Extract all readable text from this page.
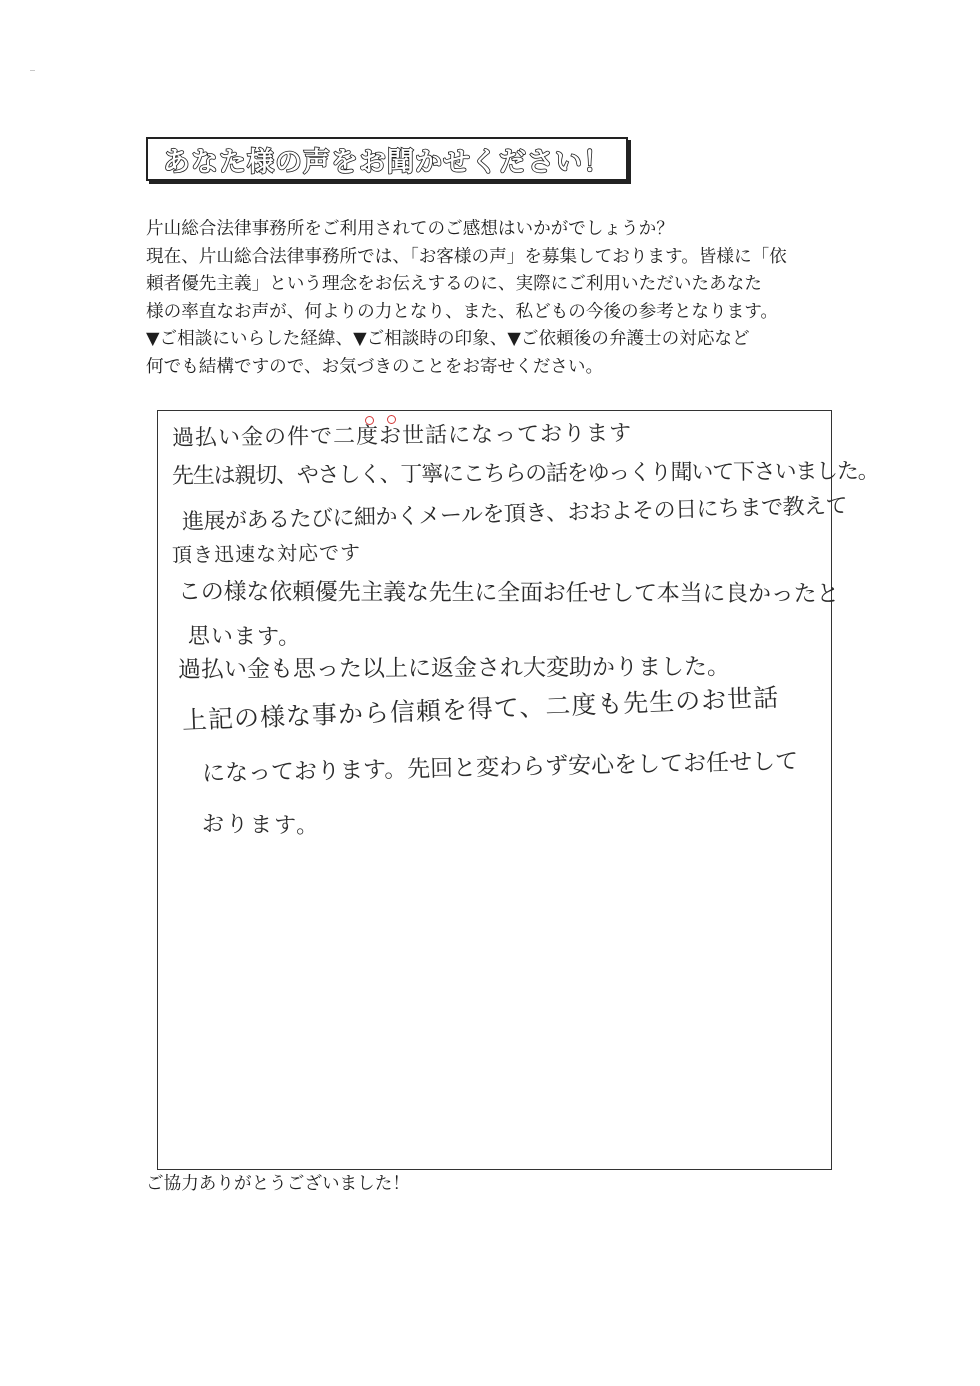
あなた様の声をお聞かせください！
片山総合法律事務所をご利用されてのご感想はいかがでしょうか？
現在、片山総合法律事務所では、「お客様の声」を募集しております。皆様に「依
頼者優先主義」という理念をお伝えするのに、実際にご利用いただいたあなた
様の率直なお声が、何よりの力となり、また、私どもの今後の参考となります。
▼ご相談にいらした経緯、▼ご相談時の印象、▼ご依頼後の弁護士の対応など
何でも結構ですので、お気づきのことをお寄せください。
過払い金の件で二度お世話になっております
先生は親切、やさしく、丁寧にこちらの話をゆっくり聞いて下さいました。
進展があるたびに細かくメールを頂き、おおよその日にちまで教えて
頂き迅速な対応です
この様な依頼優先主義な先生に全面お任せして本当に良かったと
思います。
過払い金も思った以上に返金され大変助かりました。
上記の様な事から信頼を得て、二度も先生のお世話
になっております。先回と変わらず安心をしてお任せして
おります。
ご協力ありがとうございました！
